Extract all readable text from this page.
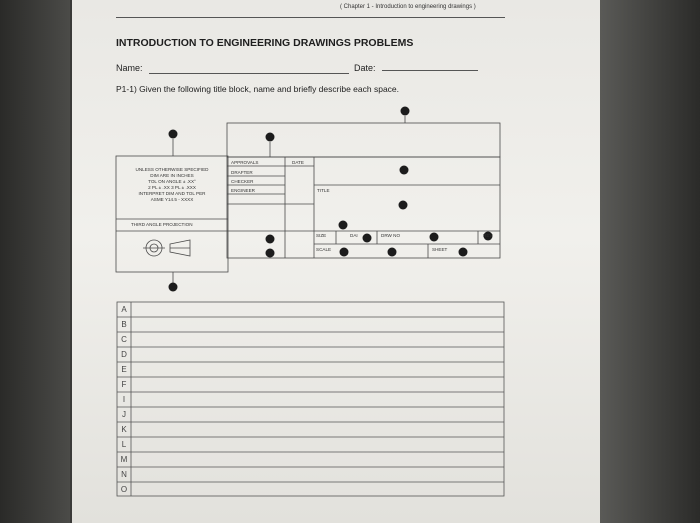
( Chapter 1 - Introduction to engineering drawings )
INTRODUCTION TO ENGINEERING DRAWINGS PROBLEMS
Name:	Date:
P1-1) Given the following title block, name and briefly describe each space.
UNLESS OTHERWISE SPECIFIED
DIM ARE IN INCHES
TOL ON ANGLE ± .XX°
2 PL ± .XX 3 PL ± .XXX
INTERPRET DIM AND TOL PER
ASME Y14.5 - XXXX
THIRD ANGLE PROJECTION
APPROVALS	DATE
DRAFTER
CHECKER
ENGINEER	TITLE
SIZE	DAI	DRW NO	REV
SCALE	SHEET
A
B
C
D
E
F
I
J
K
L
M
N
O
